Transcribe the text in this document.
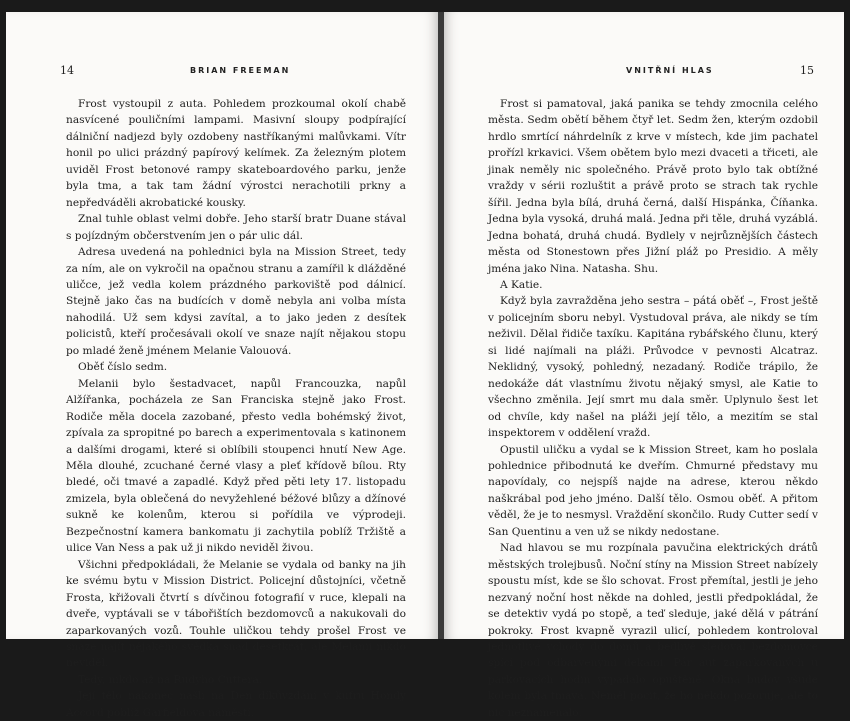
14	BRIAN FREEMAN

Frost vystoupil z auta. Pohledem prozkoumal okolí chabě nasvícené pouličními lampami. Masivní sloupy podpírající dálniční nadjezd byly ozdobeny nastříkanými malůvkami. Vítr honil po ulici prázdný papírový kelímek. Za železným plotem uviděl Frost betonové rampy skateboardového parku, jenže byla tma, a tak tam žádní výrostci nerachotili prkny a nepředváděli akrobatické kousky.

Znal tuhle oblast velmi dobře. Jeho starší bratr Duane stával s pojízdným občerstvením jen o pár ulic dál.

Adresa uvedená na pohlednici byla na Mission Street, tedy za ním, ale on vykročil na opačnou stranu a zamířil k dlážděné uličce, jež vedla kolem prázdného parkoviště pod dálnicí. Stejně jako čas na budících v domě nebyla ani volba místa nahodilá. Už sem kdysi zavítal, a to jako jeden z desítek policistů, kteří pročesávali okolí ve snaze najít nějakou stopu po mladé ženě jménem Melanie Valouová.

Oběť číslo sedm.

Melanii bylo šestadvacet, napůl Francouzka, napůl Alžířanka, pocházela ze San Franciska stejně jako Frost. Rodiče měla docela zazobané, přesto vedla bohémský život, zpívala za spropitné po barech a experimentovala s katinonem a dalšími drogami, které si oblíbili stoupenci hnutí New Age. Měla dlouhé, zcuchané černé vlasy a pleť křídově bílou. Rty bledé, oči tmavé a zapadlé. Když před pěti lety 17. listopadu zmizela, byla oblečená do nevyžehlené béžové blůzy a džínové sukně ke kolenům, kterou si pořídila ve výprodeji. Bezpečnostní kamera bankomatu ji zachytila poblíž Tržiště a ulice Van Ness a pak už ji nikdo neviděl živou.

Všichni předpokládali, že Melanie se vydala od banky na jih ke svému bytu v Mission District. Policejní důstojníci, včetně Frosta, křižovali čtvrtí s dívčinou fotografií v ruce, klepali na dveře, vyptávali se v tábořištích bezdomovců a nakukovali do zaparkovaných vozů. Touhle uličkou tehdy prošel Frost ve snaze najít nějakého svědka snad desetkrát, ale Melanii nikdo neviděl.

Tedy, nikdo až na Rudyho Cuttera.

Její tělo nakonec našli na Den díkůvzdání v kufru Hondy Accord poblíž Garfieldova náměstí.

VNITŘNÍ HLAS	15

Frost si pamatoval, jaká panika se tehdy zmocnila celého města. Sedm obětí během čtyř let. Sedm žen, kterým ozdobil hrdlo smrtící náhrdelník z krve v místech, kde jim pachatel prořízl krkavici. Všem obětem bylo mezi dvaceti a třiceti, ale jinak neměly nic společného. Právě proto bylo tak obtížné vraždy v sérii rozluštit a právě proto se strach tak rychle šířil. Jedna byla bílá, druhá černá, další Hispánka, Číňanka. Jedna byla vysoká, druhá malá. Jedna při těle, druhá vyzáblá. Jedna bohatá, druhá chudá. Bydlely v nejrůznějších částech města od Stonestown přes Jižní pláž po Presidio. A měly jména jako Nina. Natasha. Shu.

A Katie.

Když byla zavražděna jeho sestra – pátá oběť –, Frost ještě v policejním sboru nebyl. Vystudoval práva, ale nikdy se tím neživil. Dělal řidiče taxíku. Kapitána rybářského člunu, který si lidé najímali na pláži. Průvodce v pevnosti Alcatraz. Neklidný, vysoký, pohledný, nezadaný. Rodiče trápilo, že nedokáže dát vlastnímu životu nějaký smysl, ale Katie to všechno změnila. Její smrt mu dala směr. Uplynulo šest let od chvíle, kdy našel na pláži její tělo, a mezitím se stal inspektorem v oddělení vražd.

Opustil uličku a vydal se k Mission Street, kam ho poslala pohlednice přibodnutá ke dveřím. Chmurné představy mu napovídaly, co nejspíš najde na adrese, kterou někdo naškrábal pod jeho jméno. Další tělo. Osmou oběť. A přitom věděl, že je to nesmysl. Vraždění skončilo. Rudy Cutter sedí v San Quentinu a ven už se nikdy nedostane.

Nad hlavou se mu rozpínala pavučina elektrických drátů městských trolejbusů. Noční stíny na Mission Street nabízely spoustu míst, kde se šlo schovat. Frost přemítal, jestli je jeho nezvaný noční host někde na dohled, jestli předpokládal, že se detektiv vydá po stopě, a teď sleduje, jaké dělá v pátrání pokroky. Frost kvapně vyrazil ulicí, pohledem kontroloval jednotlivé vchody do domů a bedlivě sledoval bezdomovce spící pod odbarvenými dekami. Pár aut zaparkovaných u parkovacích hodin vypadalo opuštěně. Okna budov všude kolem byla tmavá. Neměl pocit, že ho někdo pozoruje, ale to nic neznamenalo.
